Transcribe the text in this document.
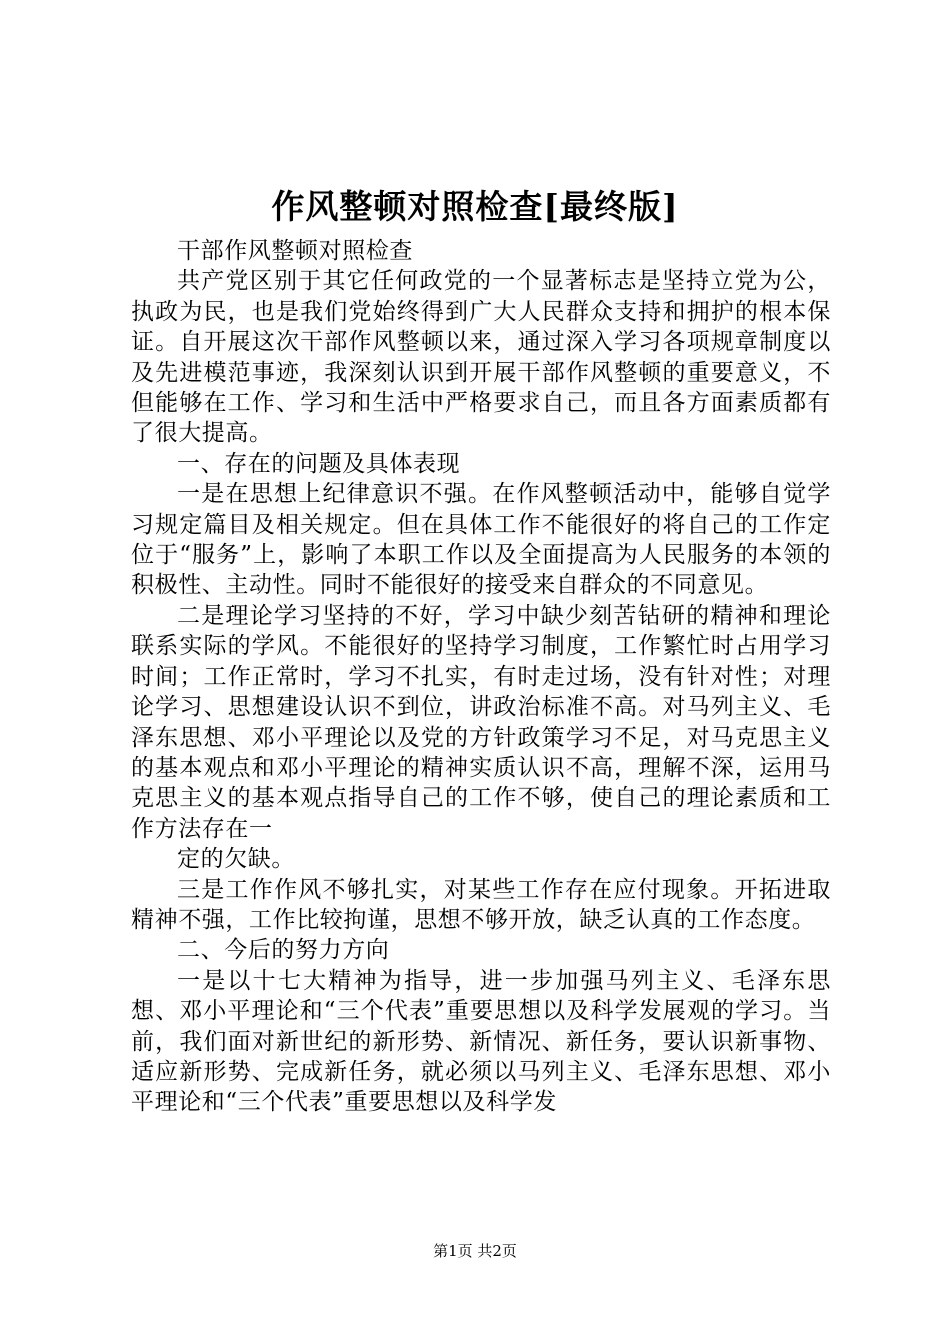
作风整顿对照检查[最终版]

干部作风整顿对照检查

共产党区别于其它任何政党的一个显著标志是坚持立党为公，执政为民，也是我们党始终得到广大人民群众支持和拥护的根本保证。自开展这次干部作风整顿以来，通过深入学习各项规章制度以及先进模范事迹，我深刻认识到开展干部作风整顿的重要意义，不但能够在工作、学习和生活中严格要求自己，而且各方面素质都有了很大提高。

一、存在的问题及具体表现

一是在思想上纪律意识不强。在作风整顿活动中，能够自觉学习规定篇目及相关规定。但在具体工作不能很好的将自己的工作定位于“服务”上，影响了本职工作以及全面提高为人民服务的本领的积极性、主动性。同时不能很好的接受来自群众的不同意见。

二是理论学习坚持的不好，学习中缺少刻苦钻研的精神和理论联系实际的学风。不能很好的坚持学习制度，工作繁忙时占用学习时间；工作正常时，学习不扎实，有时走过场，没有针对性；对理论学习、思想建设认识不到位，讲政治标准不高。对马列主义、毛泽东思想、邓小平理论以及党的方针政策学习不足，对马克思主义的基本观点和邓小平理论的精神实质认识不高，理解不深，运用马克思主义的基本观点指导自己的工作不够，使自己的理论素质和工作方法存在一

定的欠缺。

三是工作作风不够扎实，对某些工作存在应付现象。开拓进取精神不强，工作比较拘谨，思想不够开放，缺乏认真的工作态度。

二、今后的努力方向

一是以十七大精神为指导，进一步加强马列主义、毛泽东思想、邓小平理论和“三个代表”重要思想以及科学发展观的学习。当前，我们面对新世纪的新形势、新情况、新任务，要认识新事物、适应新形势、完成新任务，就必须以马列主义、毛泽东思想、邓小平理论和“三个代表”重要思想以及科学发

第1页 共2页
